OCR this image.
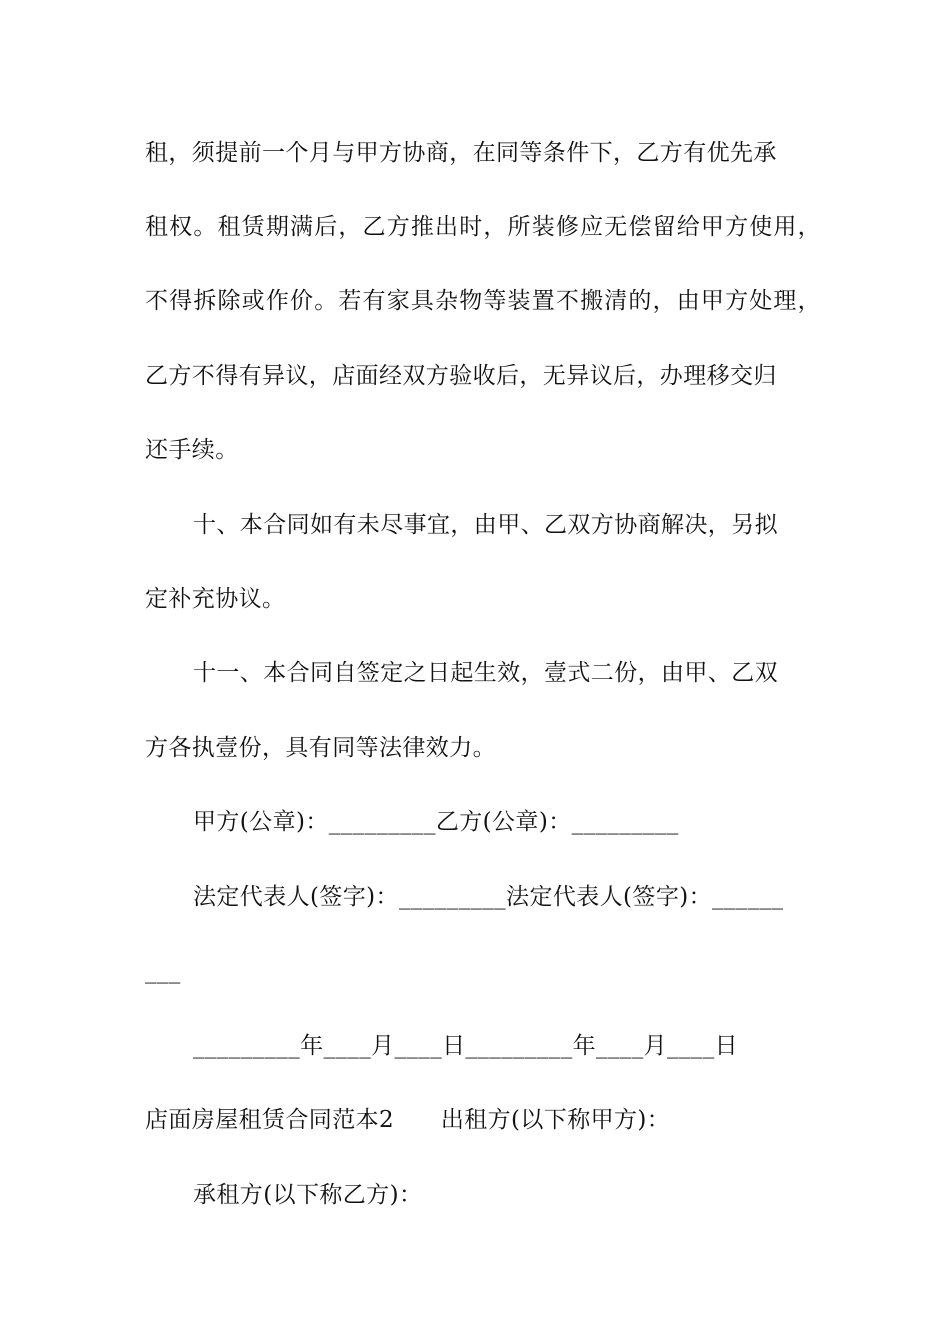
租，须提前一个月与甲方协商，在同等条件下，乙方有优先承
租权。租赁期满后，乙方推出时，所装修应无偿留给甲方使用，
不得拆除或作价。若有家具杂物等装置不搬清的，由甲方处理，
乙方不得有异议，店面经双方验收后，无异议后，办理移交归
还手续。
十、本合同如有未尽事宜，由甲、乙双方协商解决，另拟
定补充协议。
十一、本合同自签定之日起生效，壹式二份，由甲、乙双
方各执壹份，具有同等法律效力。
甲方(公章)：_________乙方(公章)：_________
法定代表人(签字)：_________法定代表人(签字)：______
___
_________年____月____日_________年____月____日
店面房屋租赁合同范本2　　出租方(以下称甲方)：
承租方(以下称乙方)：
